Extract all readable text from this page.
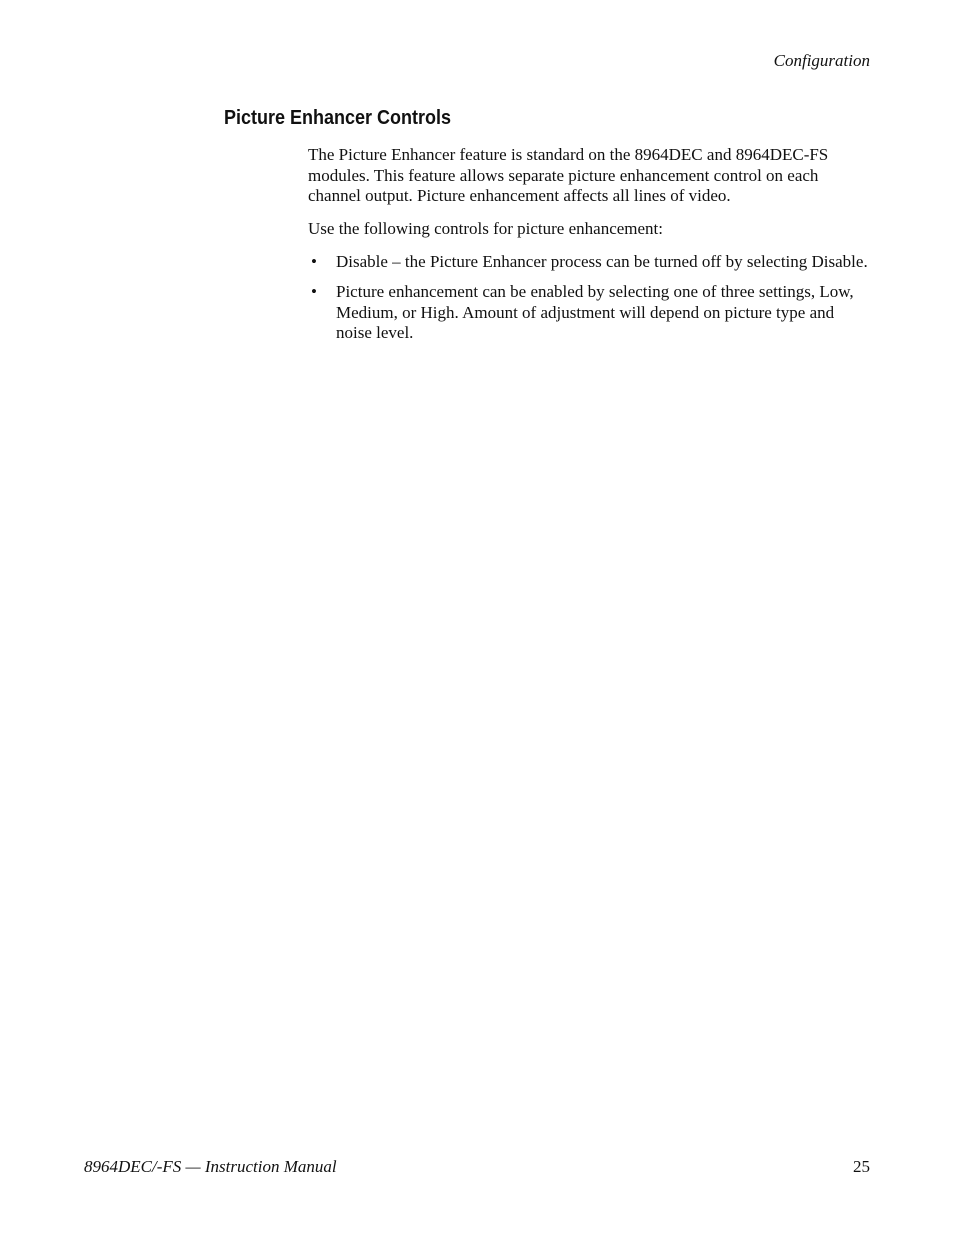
Configuration
Picture Enhancer Controls

The Picture Enhancer feature is standard on the 8964DEC and 8964DEC-FS modules. This feature allows separate picture enhancement control on each channel output. Picture enhancement affects all lines of video.

Use the following controls for picture enhancement:

• Disable – the Picture Enhancer process can be turned off by selecting Disable.
• Picture enhancement can be enabled by selecting one of three settings, Low, Medium, or High. Amount of adjustment will depend on picture type and noise level.
8964DEC/-FS — Instruction Manual	25
